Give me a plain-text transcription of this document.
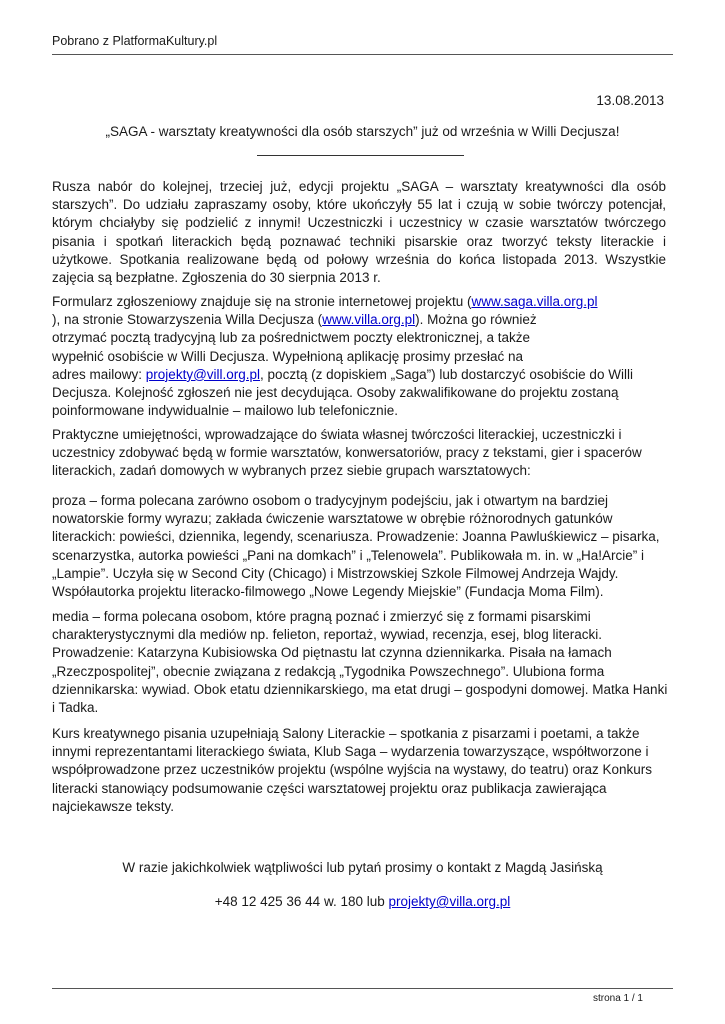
Pobrano z PlatformaKultury.pl
13.08.2013
„SAGA - warsztaty kreatywności dla osób starszych” już od września w Willi Decjusza!

Rusza nabór do kolejnej, trzeciej już, edycji projektu „SAGA – warsztaty kreatywności dla osób starszych”. Do udziału zapraszamy osoby, które ukończyły 55 lat i czują w sobie twórczy potencjał, którym chciałyby się podzielić z innymi! Uczestniczki i uczestnicy w czasie warsztatów twórczego pisania i spotkań literackich będą poznawać techniki pisarskie oraz tworzyć teksty literackie i użytkowe. Spotkania realizowane będą od połowy września do końca listopada 2013. Wszystkie zajęcia są bezpłatne. Zgłoszenia do 30 sierpnia 2013 r.

Formularz zgłoszeniowy znajduje się na stronie internetowej projektu (www.saga.villa.org.pl
), na stronie Stowarzyszenia Willa Decjusza (www.villa.org.pl). Można go również
otrzymać pocztą tradycyjną lub za pośrednictwem poczty elektronicznej, a także
wypełnić osobiście w Willi Decjusza. Wypełnioną aplikację prosimy przesłać na
adres mailowy: projekty@vill.org.pl, pocztą (z dopiskiem „Saga”) lub dostarczyć osobiście do Willi
Decjusza. Kolejność zgłoszeń nie jest decydująca. Osoby zakwalifikowane do projektu zostaną
poinformowane indywidualnie – mailowo lub telefonicznie.

Praktyczne umiejętności, wprowadzające do świata własnej twórczości literackiej, uczestniczki i
uczestnicy zdobywać będą w formie warsztatów, konwersatoriów, pracy z tekstami, gier i spacerów
literackich, zadań domowych w wybranych przez siebie grupach warsztatowych:

proza – forma polecana zarówno osobom o tradycyjnym podejściu, jak i otwartym na bardziej
nowatorskie formy wyrazu; zakłada ćwiczenie warsztatowe w obrębie różnorodnych gatunków
literackich: powieści, dziennika, legendy, scenariusza. Prowadzenie: Joanna Pawluśkiewicz – pisarka,
scenarzystka, autorka powieści „Pani na domkach” i „Telenowela”. Publikowała m. in. w „Ha!Arcie” i
„Lampie”. Uczyła się w Second City (Chicago) i Mistrzowskiej Szkole Filmowej Andrzeja Wajdy.
Współautorka projektu literacko-filmowego „Nowe Legendy Miejskie” (Fundacja Moma Film).

media – forma polecana osobom, które pragną poznać i zmierzyć się z formami pisarskimi
charakterystycznymi dla mediów np. felieton, reportaż, wywiad, recenzja, esej, blog literacki.
Prowadzenie: Katarzyna Kubisiowska Od piętnastu lat czynna dziennikarka. Pisała na łamach
„Rzeczpospolitej”, obecnie związana z redakcją „Tygodnika Powszechnego”. Ulubiona forma
dziennikarska: wywiad. Obok etatu dziennikarskiego, ma etat drugi – gospodyni domowej. Matka Hanki
i Tadka.

Kurs kreatywnego pisania uzupełniają Salony Literackie – spotkania z pisarzami i poetami, a także
innymi reprezentantami literackiego świata, Klub Saga – wydarzenia towarzyszące, współtworzone i
współprowadzone przez uczestników projektu (wspólne wyjścia na wystawy, do teatru) oraz Konkurs
literacki stanowiący podsumowanie części warsztatowej projektu oraz publikacja zawierająca
najciekawsze teksty.

W razie jakichkolwiek wątpliwości lub pytań prosimy o kontakt z Magdą Jasińską
+48 12 425 36 44 w. 180 lub projekty@villa.org.pl
strona 1 / 1
